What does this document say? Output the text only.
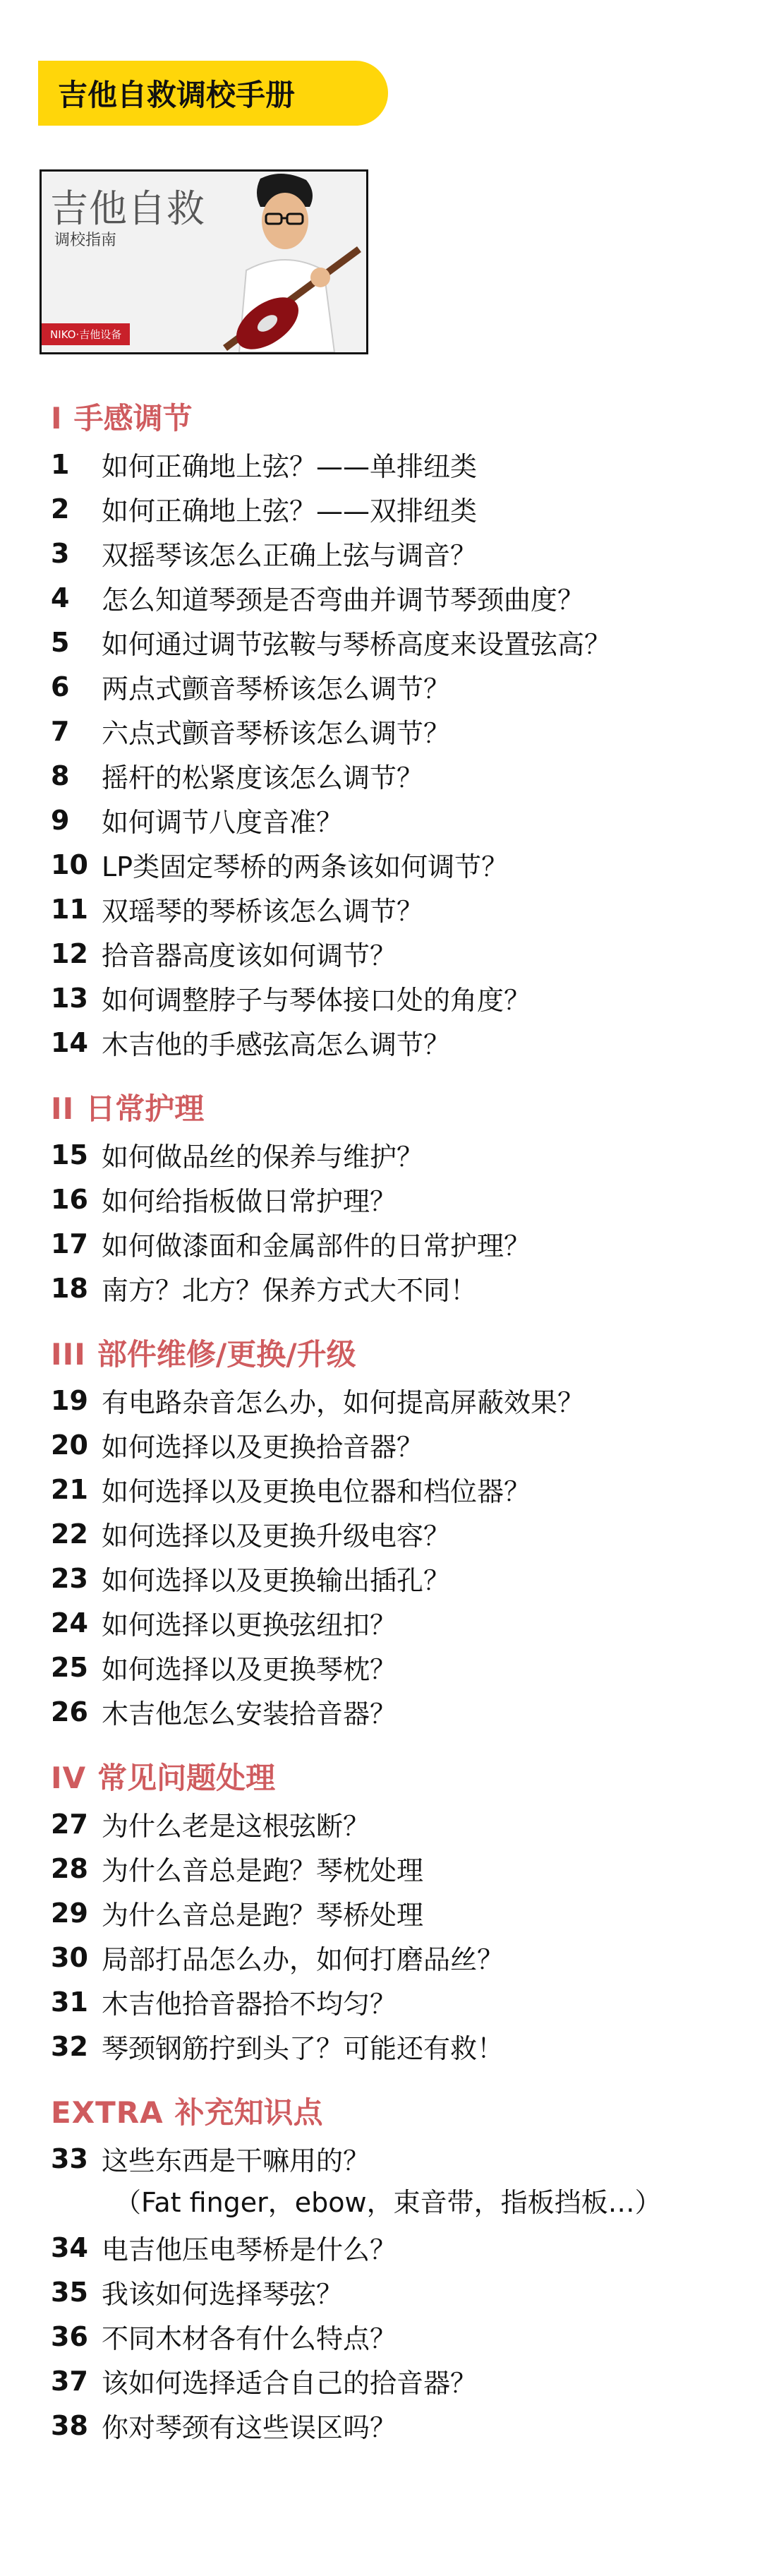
吉他自救调校手册
吉他自救
调校指南
NIKO·吉他设备
I 手感调节
1	如何正确地上弦？——单排纽类
2	如何正确地上弦？——双排纽类
3	双摇琴该怎么正确上弦与调音？
4	怎么知道琴颈是否弯曲并调节琴颈曲度？
5	如何通过调节弦鞍与琴桥高度来设置弦高？
6	两点式颤音琴桥该怎么调节？
7	六点式颤音琴桥该怎么调节？
8	摇杆的松紧度该怎么调节？
9	如何调节八度音准？
10 LP类固定琴桥的两条该如何调节？
11 双瑶琴的琴桥该怎么调节？
12 拾音器高度该如何调节？
13 如何调整脖子与琴体接口处的角度？
14 木吉他的手感弦高怎么调节？
II 日常护理
15 如何做品丝的保养与维护？
16 如何给指板做日常护理？
17 如何做漆面和金属部件的日常护理？
18 南方？北方？保养方式大不同！
III 部件维修/更换/升级
19 有电路杂音怎么办，如何提高屏蔽效果？
20 如何选择以及更换拾音器？
21 如何选择以及更换电位器和档位器？
22 如何选择以及更换升级电容？
23 如何选择以及更换输出插孔？
24 如何选择以更换弦纽扣？
25 如何选择以及更换琴枕？
26 木吉他怎么安装拾音器？
IV 常见问题处理
27 为什么老是这根弦断？
28 为什么音总是跑？琴枕处理
29 为什么音总是跑？琴桥处理
30 局部打品怎么办，如何打磨品丝？
31 木吉他拾音器拾不均匀？
32 琴颈钢筋拧到头了？可能还有救！
EXTRA 补充知识点
33 这些东西是干嘛用的？
（Fat finger，ebow，束音带，指板挡板…）
34 电吉他压电琴桥是什么？
35 我该如何选择琴弦？
36 不同木材各有什么特点？
37 该如何选择适合自己的拾音器？
38 你对琴颈有这些误区吗？
